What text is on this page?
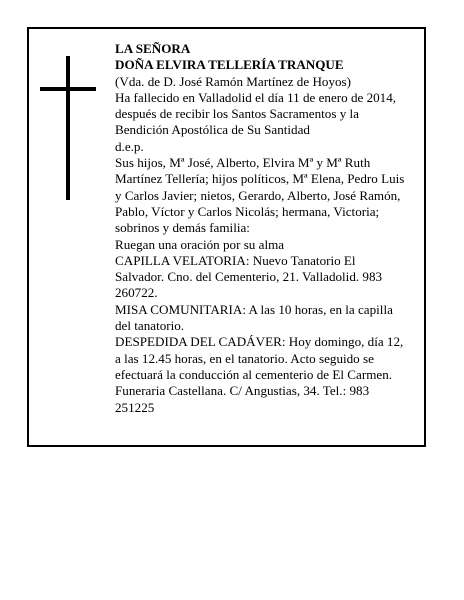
LA SEÑORA
DOÑA ELVIRA TELLERÍA TRANQUE
(Vda. de D. José Ramón Martínez de Hoyos)
Ha fallecido en Valladolid el día 11 de enero de 2014,
después de recibir los Santos Sacramentos y la
Bendición Apostólica de Su Santidad
d.e.p.
Sus hijos, Mª José, Alberto, Elvira Mª y Mª Ruth
Martínez Tellería; hijos políticos, Mª Elena, Pedro Luis
y Carlos Javier; nietos, Gerardo, Alberto, José Ramón,
Pablo, Víctor y Carlos Nicolás; hermana, Victoria;
sobrinos y demás familia:
Ruegan una oración por su alma
CAPILLA VELATORIA: Nuevo Tanatorio El
Salvador. Cno. del Cementerio, 21. Valladolid. 983
260722.
MISA COMUNITARIA: A las 10 horas, en la capilla
del tanatorio.
DESPEDIDA DEL CADÁVER: Hoy domingo, día 12,
a las 12.45 horas, en el tanatorio. Acto seguido se
efectuará la conducción al cementerio de El Carmen.
Funeraria Castellana. C/ Angustias, 34. Tel.: 983
251225
